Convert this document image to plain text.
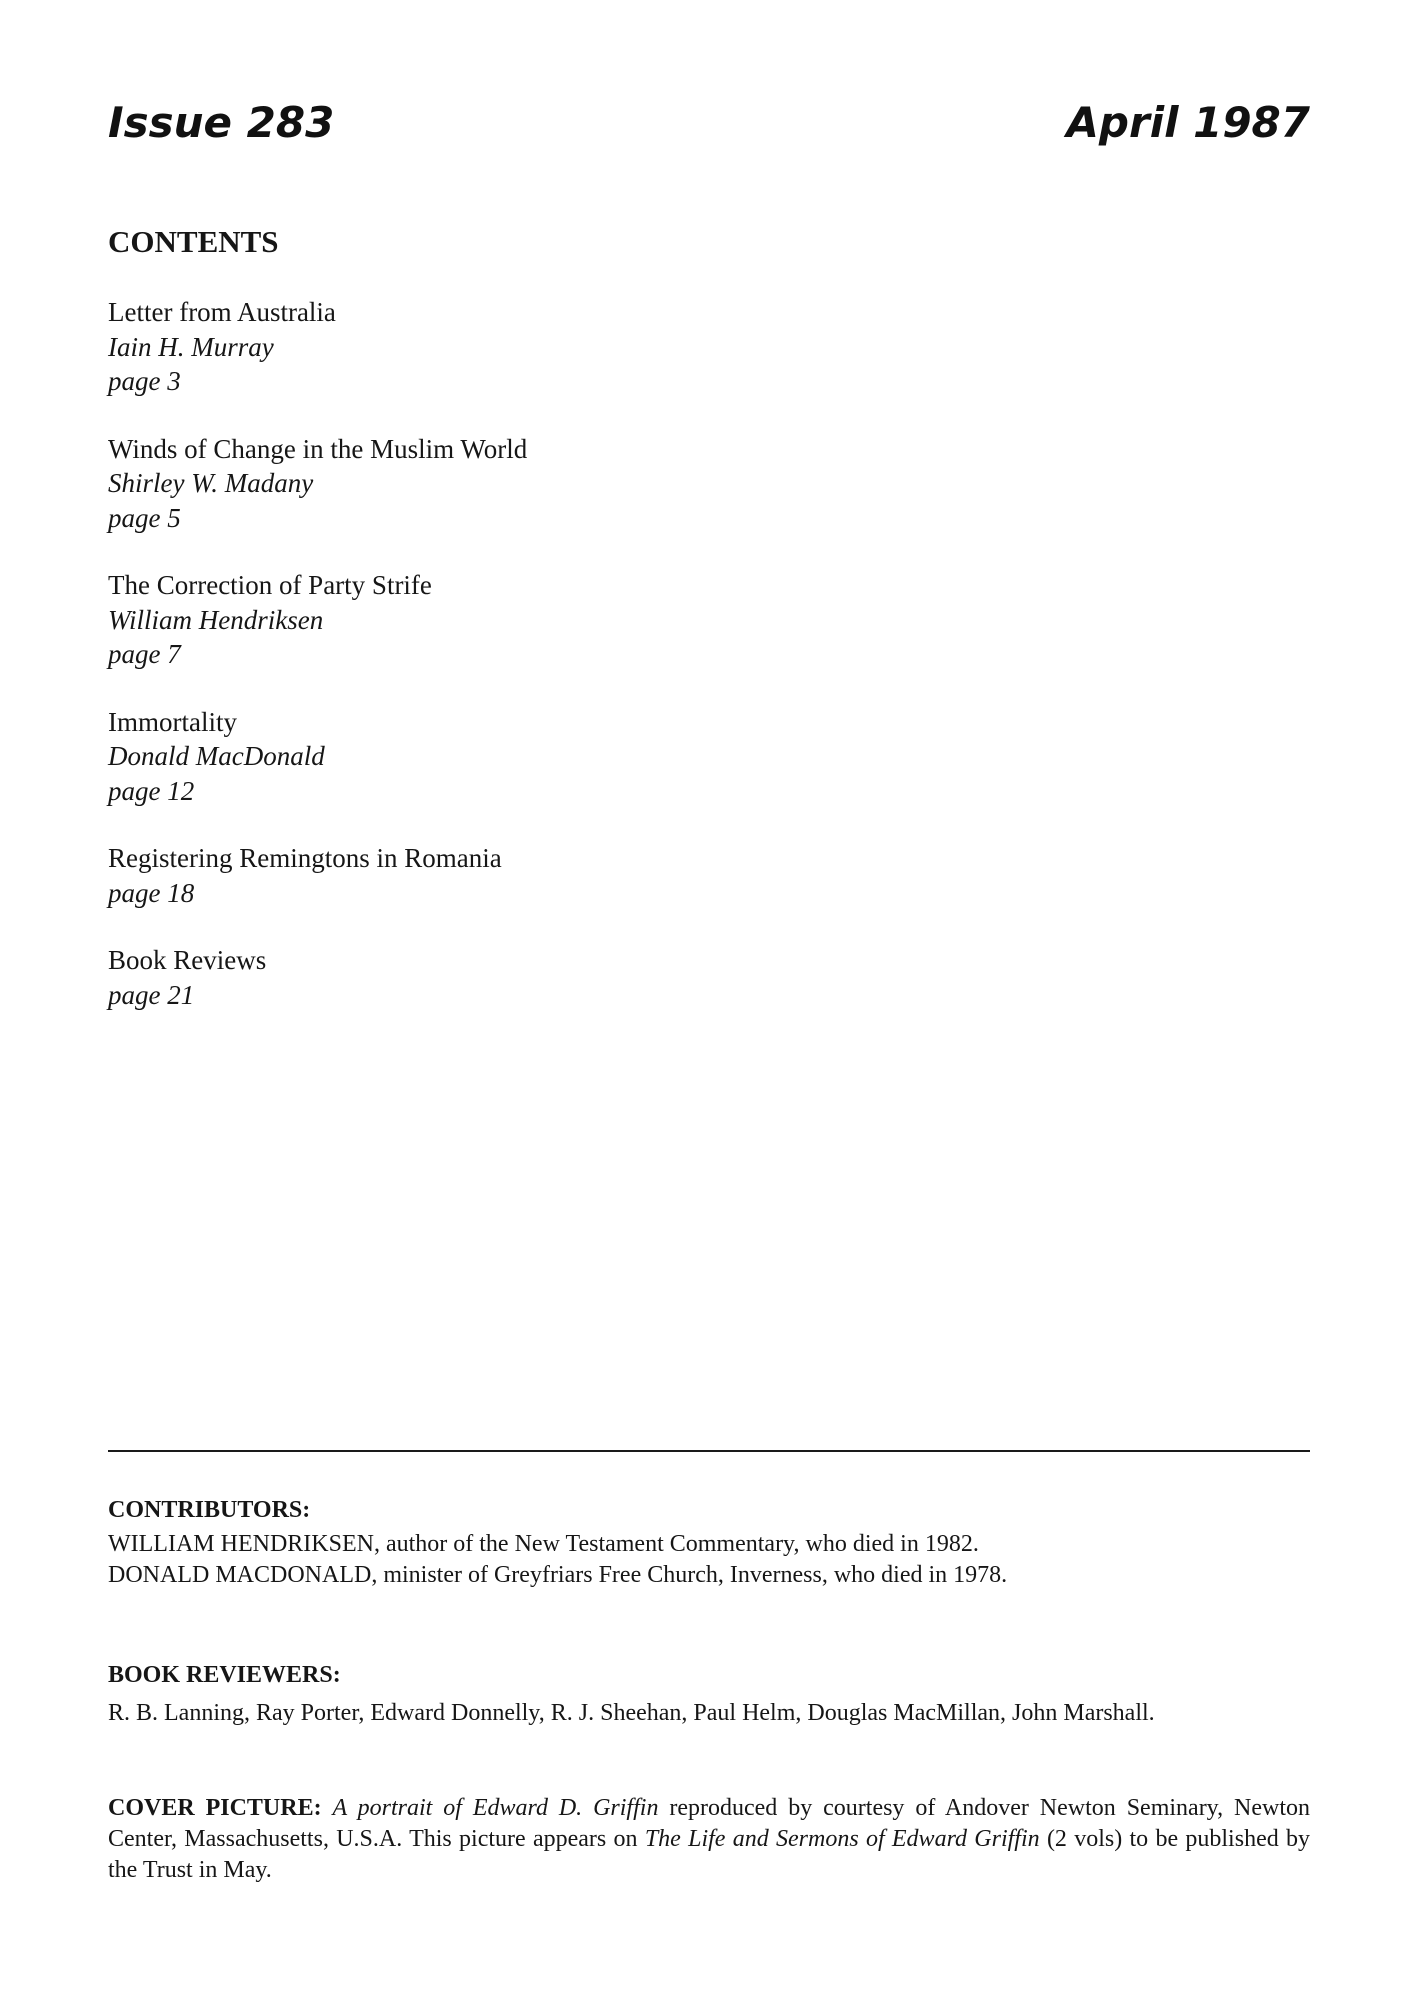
Issue 283	April 1987
CONTENTS
Letter from Australia
Iain H. Murray
page 3
Winds of Change in the Muslim World
Shirley W. Madany
page 5
The Correction of Party Strife
William Hendriksen
page 7
Immortality
Donald MacDonald
page 12
Registering Remingtons in Romania
page 18
Book Reviews
page 21
CONTRIBUTORS:
WILLIAM HENDRIKSEN, author of the New Testament Commentary, who died in 1982.
DONALD MACDONALD, minister of Greyfriars Free Church, Inverness, who died in 1978.
BOOK REVIEWERS:
R. B. Lanning, Ray Porter, Edward Donnelly, R. J. Sheehan, Paul Helm, Douglas MacMillan, John Marshall.

COVER PICTURE: A portrait of Edward D. Griffin reproduced by courtesy of Andover Newton Seminary, Newton Center, Massachusetts, U.S.A. This picture appears on The Life and Sermons of Edward Griffin (2 vols) to be published by the Trust in May.
